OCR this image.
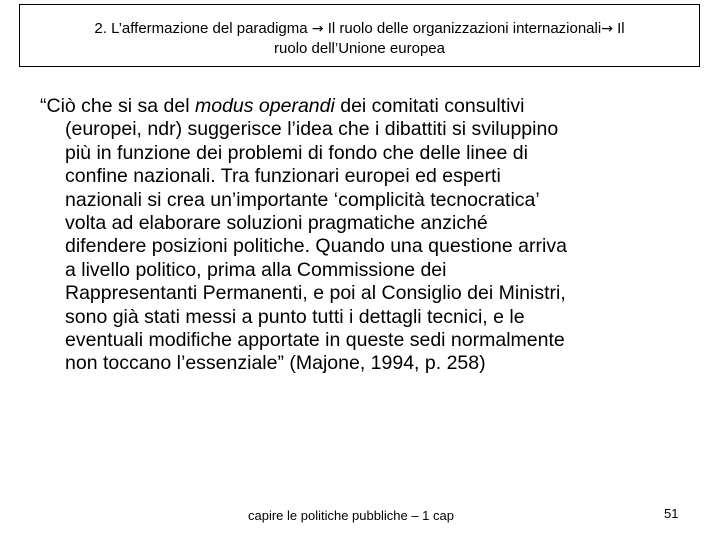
2. L’affermazione del paradigma → Il ruolo delle organizzazioni internazionali→ Il
ruolo dell’Unione europea
“Ciò che si sa del modus operandi dei comitati consultivi
(europei, ndr) suggerisce l’idea che i dibattiti si sviluppino
più in funzione dei problemi di fondo che delle linee di
confine nazionali. Tra funzionari europei ed esperti
nazionali si crea un’importante ‘complicità tecnocratica’
volta ad elaborare soluzioni pragmatiche anziché
difendere posizioni politiche. Quando una questione arriva
a livello politico, prima alla Commissione dei
Rappresentanti Permanenti, e poi al Consiglio dei Ministri,
sono già stati messi a punto tutti i dettagli tecnici, e le
eventuali modifiche apportate in queste sedi normalmente
non toccano l’essenziale” (Majone, 1994, p. 258)
capire le politiche pubbliche – 1 cap	51
